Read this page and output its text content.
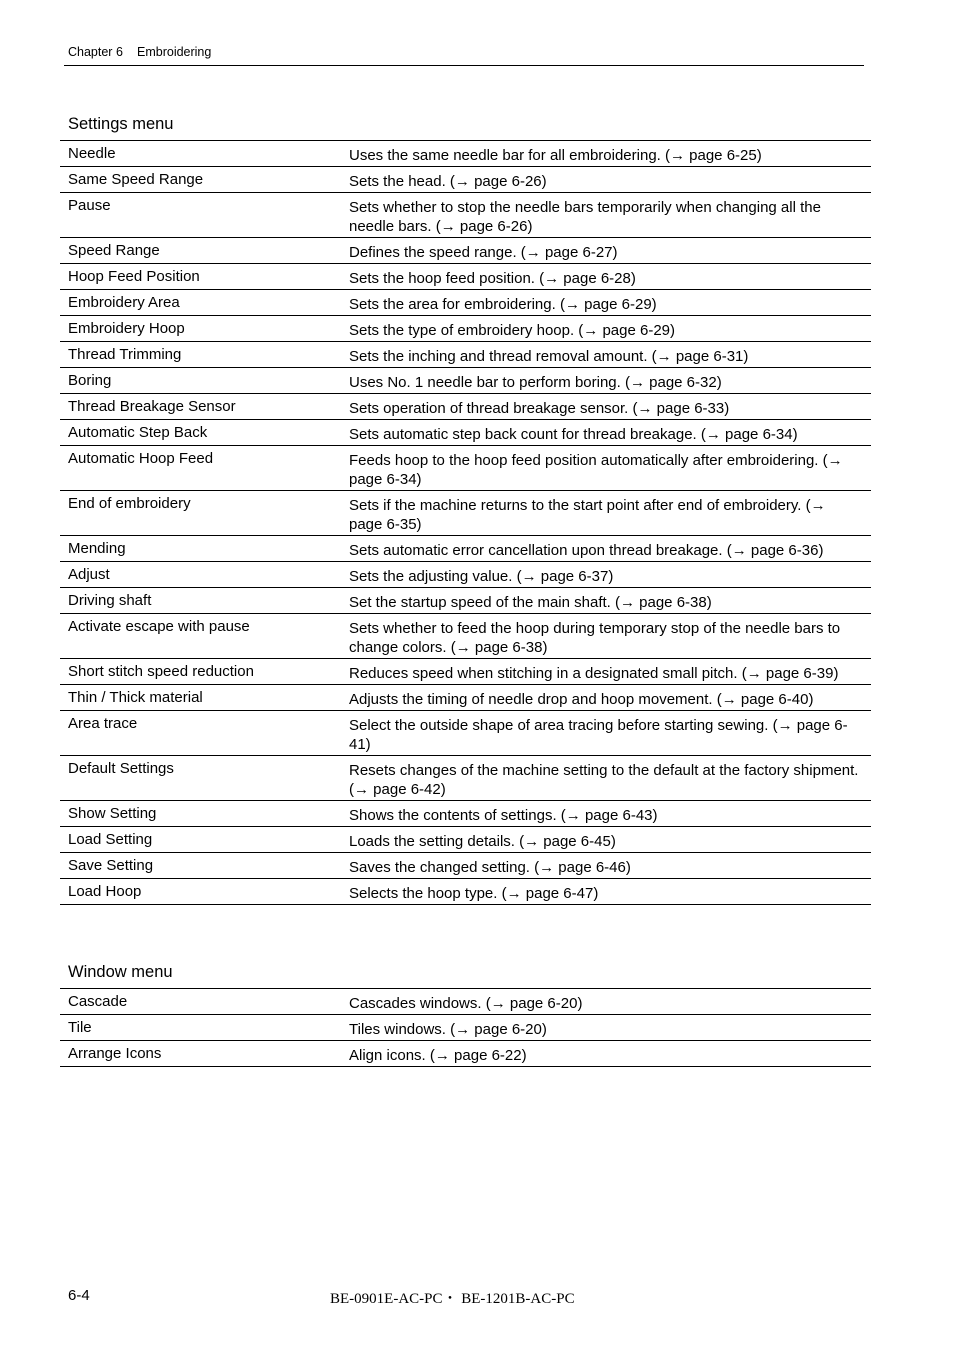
Chapter 6 Embroidering
Settings menu
Needle	Uses the same needle bar for all embroidering. (→ page 6-25)
Same Speed Range	Sets the head. (→ page 6-26)
Pause	Sets whether to stop the needle bars temporarily when changing all the needle bars. (→ page 6-26)
Speed Range	Defines the speed range. (→ page 6-27)
Hoop Feed Position	Sets the hoop feed position. (→ page 6-28)
Embroidery Area	Sets the area for embroidering. (→ page 6-29)
Embroidery Hoop	Sets the type of embroidery hoop. (→ page 6-29)
Thread Trimming	Sets the inching and thread removal amount. (→ page 6-31)
Boring	Uses No. 1 needle bar to perform boring. (→ page 6-32)
Thread Breakage Sensor	Sets operation of thread breakage sensor. (→ page 6-33)
Automatic Step Back	Sets automatic step back count for thread breakage. (→ page 6-34)
Automatic Hoop Feed	Feeds hoop to the hoop feed position automatically after embroidering. (→ page 6-34)
End of embroidery	Sets if the machine returns to the start point after end of embroidery. (→ page 6-35)
Mending	Sets automatic error cancellation upon thread breakage. (→ page 6-36)
Adjust	Sets the adjusting value. (→ page 6-37)
Driving shaft	Set the startup speed of the main shaft. (→ page 6-38)
Activate escape with pause	Sets whether to feed the hoop during temporary stop of the needle bars to change colors. (→ page 6-38)
Short stitch speed reduction	Reduces speed when stitching in a designated small pitch. (→ page 6-39)
Thin / Thick material	Adjusts the timing of needle drop and hoop movement. (→ page 6-40)
Area trace	Select the outside shape of area tracing before starting sewing. (→ page 6-41)
Default Settings	Resets changes of the machine setting to the default at the factory shipment. (→ page 6-42)
Show Setting	Shows the contents of settings. (→ page 6-43)
Load Setting	Loads the setting details. (→ page 6-45)
Save Setting	Saves the changed setting. (→ page 6-46)
Load Hoop	Selects the hoop type. (→ page 6-47)
Window menu
Cascade	Cascades windows. (→ page 6-20)
Tile	Tiles windows. (→ page 6-20)
Arrange Icons	Align icons. (→ page 6-22)
6-4	BE-0901E-AC-PC・ BE-1201B-AC-PC
